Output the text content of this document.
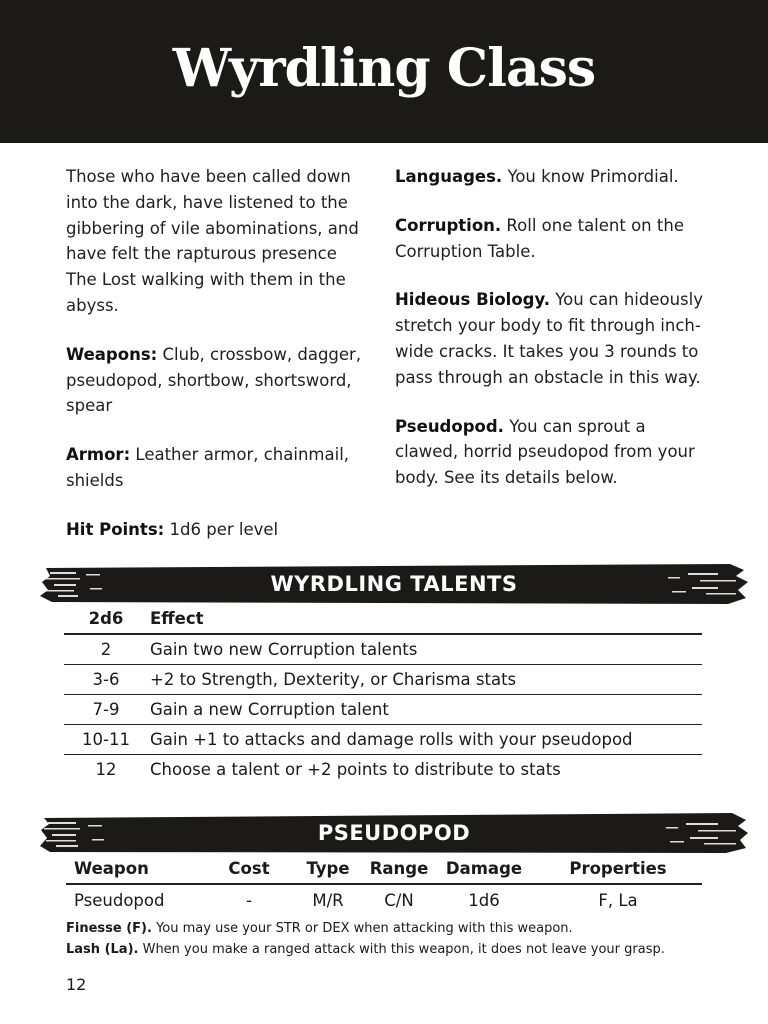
Wyrdling Class

Those who have been called down into the dark, have listened to the gibbering of vile abominations, and have felt the rapturous presence The Lost walking with them in the abyss.

Weapons: Club, crossbow, dagger, pseudopod, shortbow, shortsword, spear

Armor: Leather armor, chainmail, shields

Hit Points: 1d6 per level

Languages. You know Primordial.

Corruption. Roll one talent on the Corruption Table.

Hideous Biology. You can hideously stretch your body to fit through inch-wide cracks. It takes you 3 rounds to pass through an obstacle in this way.

Pseudopod. You can sprout a clawed, horrid pseudopod from your body. See its details below.

WYRDLING TALENTS
2d6	Effect
2	Gain two new Corruption talents
3-6	+2 to Strength, Dexterity, or Charisma stats
7-9	Gain a new Corruption talent
10-11	Gain +1 to attacks and damage rolls with your pseudopod
12	Choose a talent or +2 points to distribute to stats
PSEUDOPOD
Weapon	Cost	Type	Range	Damage	Properties
Pseudopod	-	M/R	C/N	1d6	F, La
Finesse (F). You may use your STR or DEX when attacking with this weapon.
Lash (La). When you make a ranged attack with this weapon, it does not leave your grasp.
12
